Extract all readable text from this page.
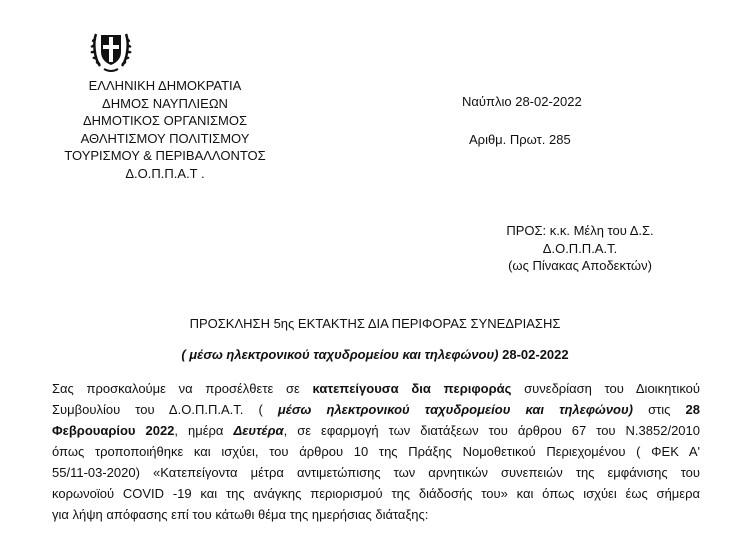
ΕΛΛΗΝΙΚΗ ΔΗΜΟΚΡΑΤΙΑ
ΔΗΜΟΣ ΝΑΥΠΛΙΕΩΝ
ΔΗΜΟΤΙΚΟΣ ΟΡΓΑΝΙΣΜΟΣ
ΑΘΛΗΤΙΣΜΟΥ ΠΟΛΙΤΙΣΜΟΥ
ΤΟΥΡΙΣΜΟΥ & ΠΕΡΙΒΑΛΛΟΝΤΟΣ
Δ.Ο.Π.Π.Α.Τ .
Ναύπλιο 28-02-2022
Αριθμ. Πρωτ. 285
ΠΡΟΣ: κ.κ. Μέλη του Δ.Σ.
Δ.Ο.Π.Π.Α.Τ.
(ως Πίνακας Αποδεκτών)
ΠΡΟΣΚΛΗΣΗ 5ης ΕΚΤΑΚΤΗΣ ΔΙΑ ΠΕΡΙΦΟΡΑΣ ΣΥΝΕΔΡΙΑΣΗΣ
( μέσω ηλεκτρονικού ταχυδρομείου και τηλεφώνου) 28-02-2022
Σας προσκαλούμε να προσέλθετε σε κατεπείγουσα δια περιφοράς συνεδρίαση του Διοικητικού
Συμβουλίου του Δ.Ο.Π.Π.Α.Τ. ( μέσω ηλεκτρονικού ταχυδρομείου και τηλεφώνου) στις 28
Φεβρουαρίου 2022, ημέρα Δευτέρα, σε εφαρμογή των διατάξεων του άρθρου 67 του Ν.3852/2010
όπως τροποποιήθηκε και ισχύει, του άρθρου 10 της Πράξης Νομοθετικού Περιεχομένου ( ΦΕΚ Α'
55/11-03-2020) «Κατεπείγοντα μέτρα αντιμετώπισης των αρνητικών συνεπειών της εμφάνισης του
κορωνοϊού COVID -19 και της ανάγκης περιορισμού της διάδοσής του» και όπως ισχύει έως σήμερα
για λήψη απόφασης επί του κάτωθι θέμα της ημερήσιας διάταξης:
